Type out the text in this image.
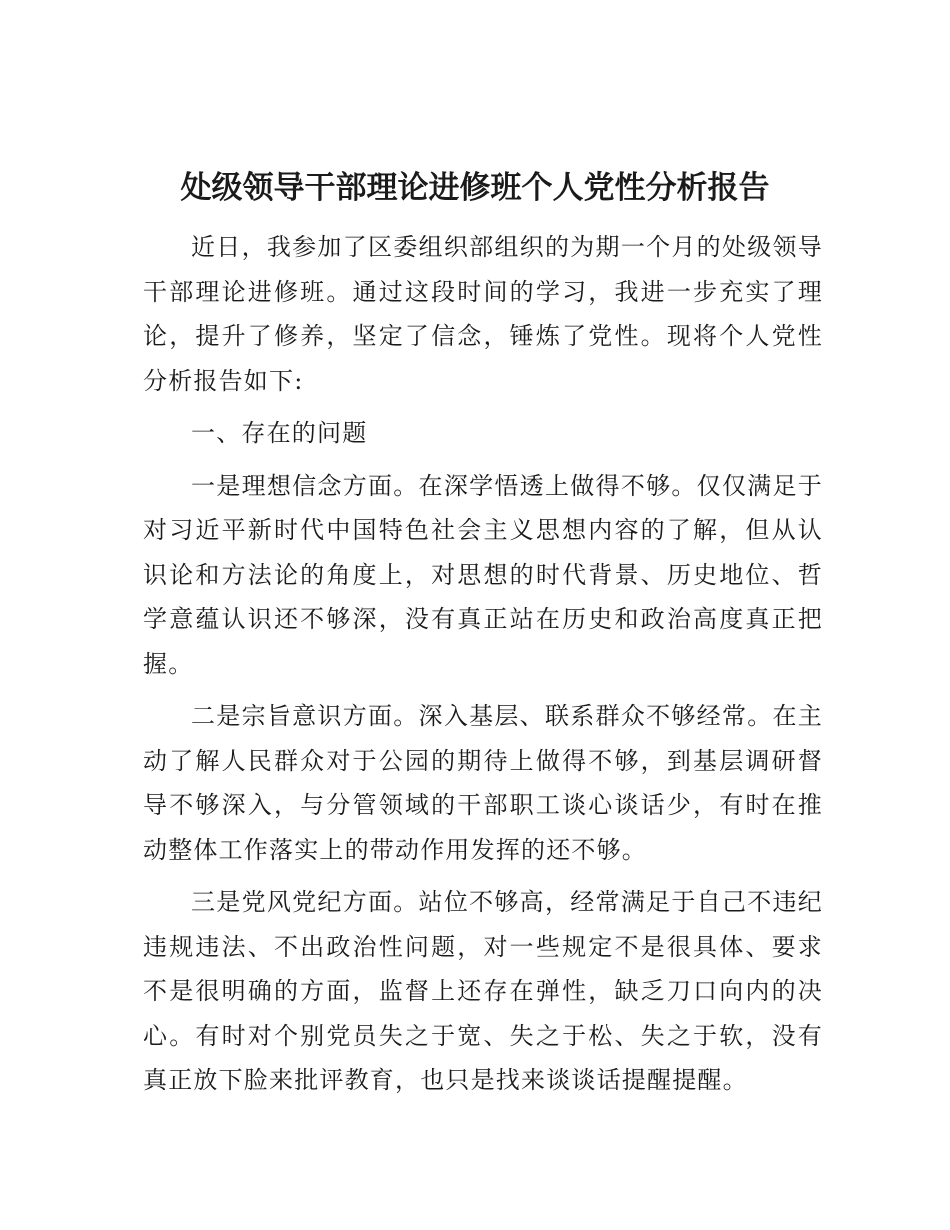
处级领导干部理论进修班个人党性分析报告

近日，我参加了区委组织部组织的为期一个月的处级领导干部理论进修班。通过这段时间的学习，我进一步充实了理论，提升了修养，坚定了信念，锤炼了党性。现将个人党性分析报告如下:

一、存在的问题

一是理想信念方面。在深学悟透上做得不够。仅仅满足于对习近平新时代中国特色社会主义思想内容的了解，但从认识论和方法论的角度上，对思想的时代背景、历史地位、哲学意蕴认识还不够深，没有真正站在历史和政治高度真正把握。

二是宗旨意识方面。深入基层、联系群众不够经常。在主动了解人民群众对于公园的期待上做得不够，到基层调研督导不够深入，与分管领域的干部职工谈心谈话少，有时在推动整体工作落实上的带动作用发挥的还不够。

三是党风党纪方面。站位不够高，经常满足于自己不违纪违规违法、不出政治性问题，对一些规定不是很具体、要求不是很明确的方面，监督上还存在弹性，缺乏刀口向内的决心。有时对个别党员失之于宽、失之于松、失之于软，没有真正放下脸来批评教育，也只是找来谈谈话提醒提醒。
